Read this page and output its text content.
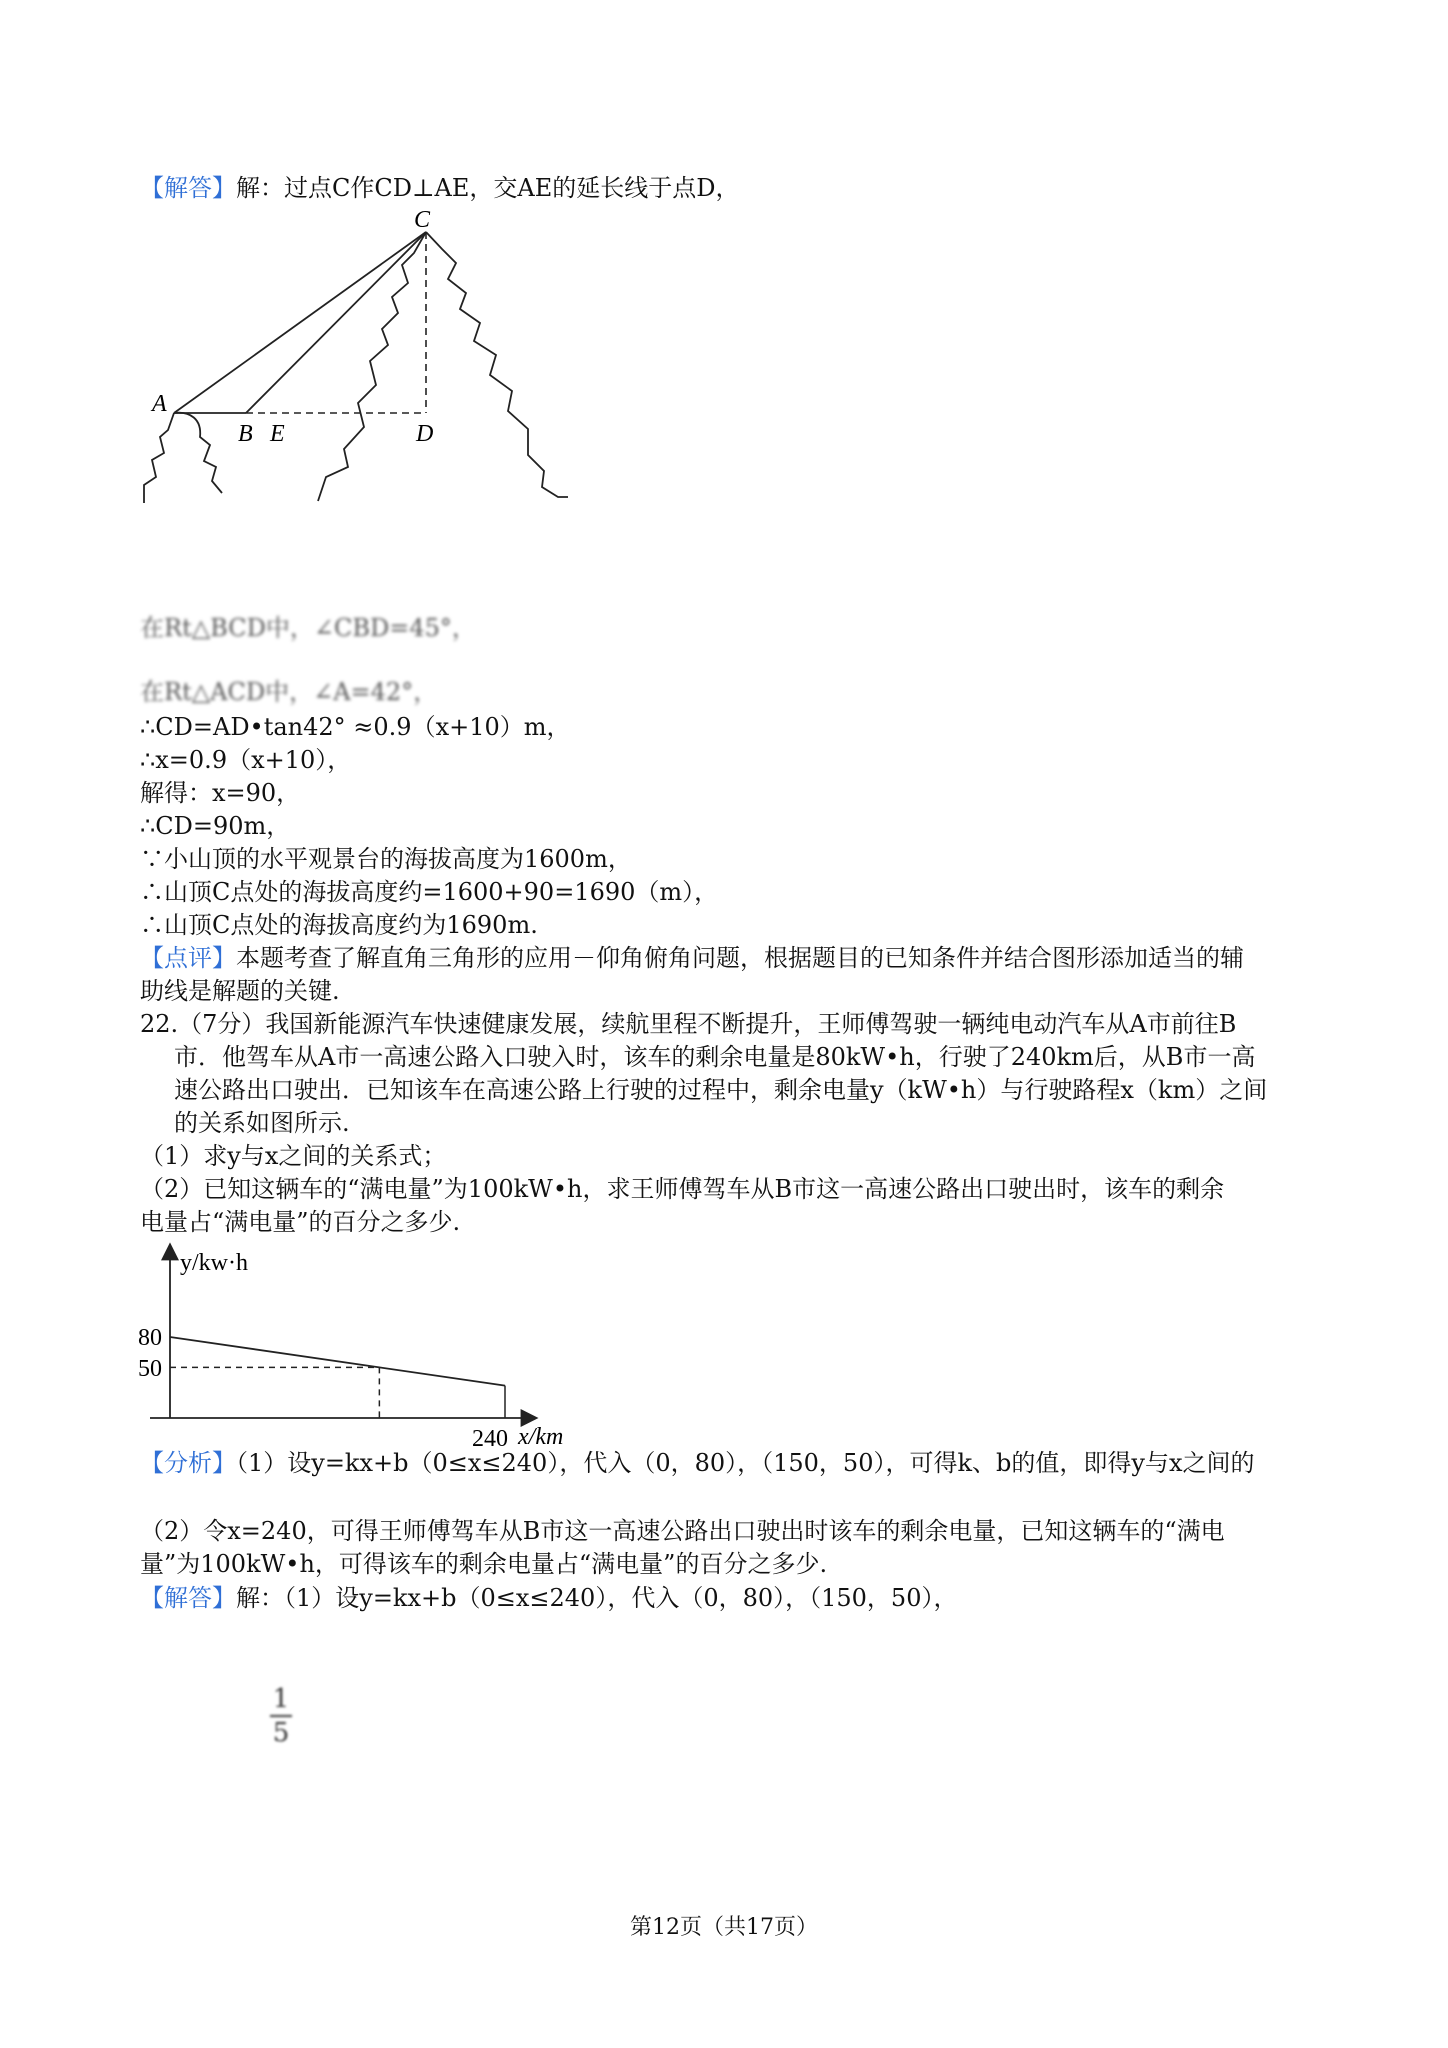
【解答】解：过点C作CD⊥AE，交AE的延长线于点D，
C
A
B E	D
在Rt△BCD中，∠CBD=45°，
在Rt△ACD中，∠A=42°，
∴CD=AD•tan42° ≈0.9（x+10）m，
∴x=0.9（x+10），
解得：x=90，
∴CD=90m，
∵小山顶的水平观景台的海拔高度为1600m，
∴山顶C点处的海拔高度约=1600+90=1690（m），
∴山顶C点处的海拔高度约为1690m.
【点评】本题考查了解直角三角形的应用－仰角俯角问题，根据题目的已知条件并结合图形添加适当的辅
助线是解题的关键.
22.（7分）我国新能源汽车快速健康发展，续航里程不断提升，王师傅驾驶一辆纯电动汽车从A市前往B
市．他驾车从A市一高速公路入口驶入时，该车的剩余电量是80kW•h，行驶了240km后，从B市一高
速公路出口驶出．已知该车在高速公路上行驶的过程中，剩余电量y（kW•h）与行驶路程x（km）之间
的关系如图所示.
（1）求y与x之间的关系式；
（2）已知这辆车的“满电量”为100kW•h，求王师傅驾车从B市这一高速公路出口驶出时，该车的剩余
电量占“满电量”的百分之多少.
y/kw·h
x/km
80
50
240
【分析】（1）设y=kx+b（0≤x≤240），代入（0，80），（150，50），可得k、b的值，即得y与x之间的
（2）令x=240，可得王师傅驾车从B市这一高速公路出口驶出时该车的剩余电量，已知这辆车的“满电
量”为100kW•h，可得该车的剩余电量占“满电量”的百分之多少.
【解答】解：（1）设y=kx+b（0≤x≤240），代入（0，80），（150，50），
1
5
第12页（共17页）
